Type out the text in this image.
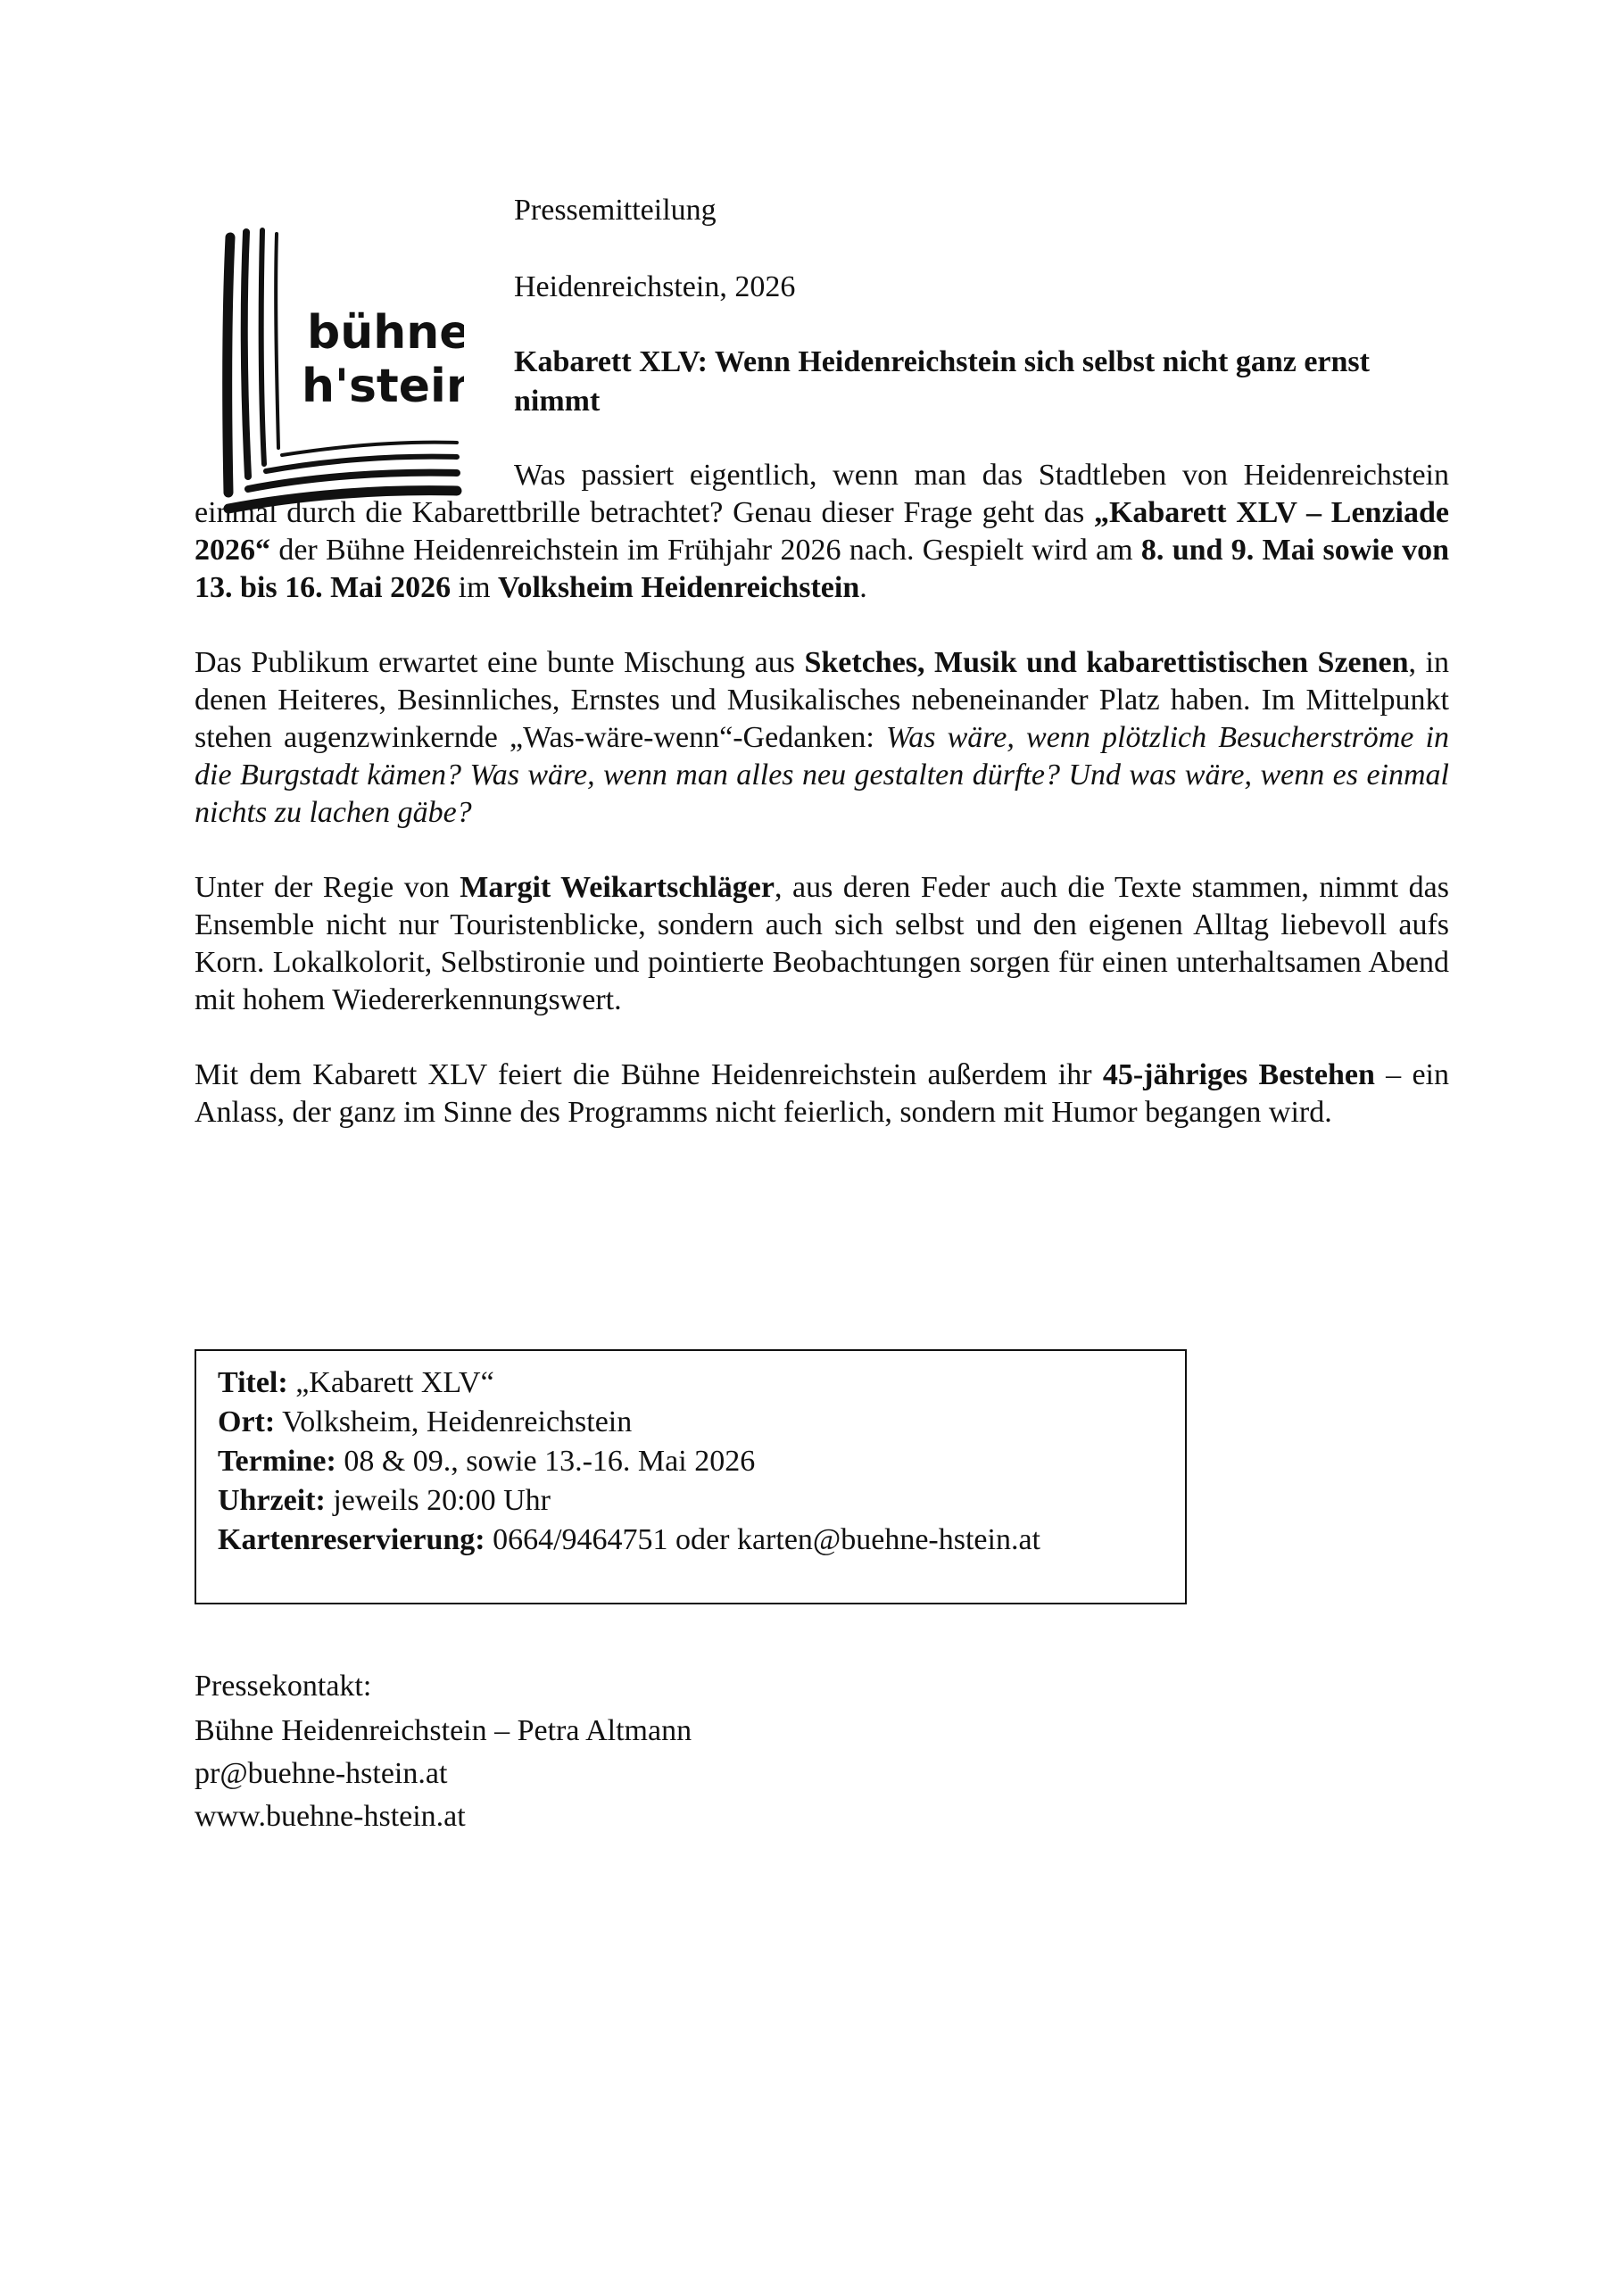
bühne
h'stein

Pressemitteilung

Heidenreichstein, 2026

Kabarett XLV: Wenn Heidenreichstein sich selbst nicht ganz ernst nimmt

Was passiert eigentlich, wenn man das Stadtleben von Heidenreichstein einmal durch die Kabarettbrille betrachtet? Genau dieser Frage geht das „Kabarett XLV – Lenziade 2026“ der Bühne Heidenreichstein im Frühjahr 2026 nach. Gespielt wird am 8. und 9. Mai sowie von 13. bis 16. Mai 2026 im Volksheim Heidenreichstein.

Das Publikum erwartet eine bunte Mischung aus Sketches, Musik und kabarettistischen Szenen, in denen Heiteres, Besinnliches, Ernstes und Musikalisches nebeneinander Platz haben. Im Mittelpunkt stehen augenzwinkernde „Was-wäre-wenn“-Gedanken: Was wäre, wenn plötzlich Besucherströme in die Burgstadt kämen? Was wäre, wenn man alles neu gestalten dürfte? Und was wäre, wenn es einmal nichts zu lachen gäbe?

Unter der Regie von Margit Weikartschläger, aus deren Feder auch die Texte stammen, nimmt das Ensemble nicht nur Touristenblicke, sondern auch sich selbst und den eigenen Alltag liebevoll aufs Korn. Lokalkolorit, Selbstironie und pointierte Beobachtungen sorgen für einen unterhaltsamen Abend mit hohem Wiedererkennungswert.

Mit dem Kabarett XLV feiert die Bühne Heidenreichstein außerdem ihr 45-jähriges Bestehen – ein Anlass, der ganz im Sinne des Programms nicht feierlich, sondern mit Humor begangen wird.

Titel: „Kabarett XLV“

Ort: Volksheim, Heidenreichstein

Termine: 08 & 09., sowie 13.-16. Mai 2026

Uhrzeit: jeweils 20:00 Uhr

Kartenreservierung: 0664/9464751 oder karten@buehne-hstein.at

Pressekontakt:

Bühne Heidenreichstein – Petra Altmann

pr@buehne-hstein.at

www.buehne-hstein.at
